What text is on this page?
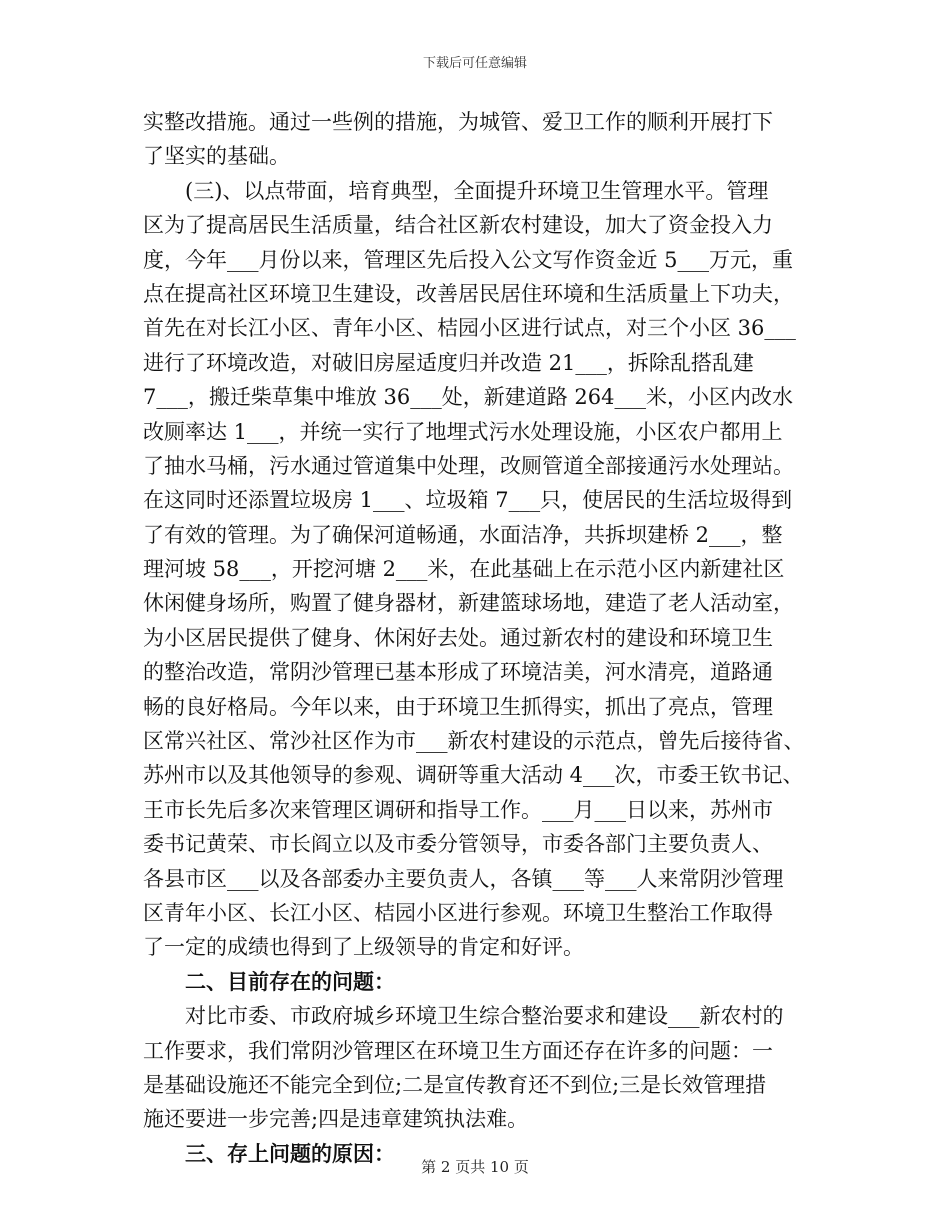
下载后可任意编辑
实整改措施。通过一些例的措施，为城管、爱卫工作的顺利开展打下
了坚实的基础。
(三)、以点带面，培育典型，全面提升环境卫生管理水平。管理
区为了提高居民生活质量，结合社区新农村建设，加大了资金投入力
度，今年___月份以来，管理区先后投入公文写作资金近 5___万元，重
点在提高社区环境卫生建设，改善居民居住环境和生活质量上下功夫，
首先在对长江小区、青年小区、桔园小区进行试点，对三个小区 36___
进行了环境改造，对破旧房屋适度归并改造 21___，拆除乱搭乱建
7___，搬迁柴草集中堆放 36___处，新建道路 264___米，小区内改水
改厕率达 1___，并统一实行了地埋式污水处理设施，小区农户都用上
了抽水马桶，污水通过管道集中处理，改厕管道全部接通污水处理站。
在这同时还添置垃圾房 1___、垃圾箱 7___只，使居民的生活垃圾得到
了有效的管理。为了确保河道畅通，水面洁净，共拆坝建桥 2___，整
理河坡 58___，开挖河塘 2___米，在此基础上在示范小区内新建社区
休闲健身场所，购置了健身器材，新建篮球场地，建造了老人活动室，
为小区居民提供了健身、休闲好去处。通过新农村的建设和环境卫生
的整治改造，常阴沙管理已基本形成了环境洁美，河水清亮，道路通
畅的良好格局。今年以来，由于环境卫生抓得实，抓出了亮点，管理
区常兴社区、常沙社区作为市___新农村建设的示范点，曾先后接待省、
苏州市以及其他领导的参观、调研等重大活动 4___次，市委王钦书记、
王市长先后多次来管理区调研和指导工作。___月___日以来，苏州市
委书记黄荣、市长阎立以及市委分管领导，市委各部门主要负责人、
各县市区___以及各部委办主要负责人，各镇___等___人来常阴沙管理
区青年小区、长江小区、桔园小区进行参观。环境卫生整治工作取得
了一定的成绩也得到了上级领导的肯定和好评。
二、目前存在的问题：
对比市委、市政府城乡环境卫生综合整治要求和建设___新农村的
工作要求，我们常阴沙管理区在环境卫生方面还存在许多的问题：一
是基础设施还不能完全到位;二是宣传教育还不到位;三是长效管理措
施还要进一步完善;四是违章建筑执法难。
三、存上问题的原因：
第 2 页共 10 页
